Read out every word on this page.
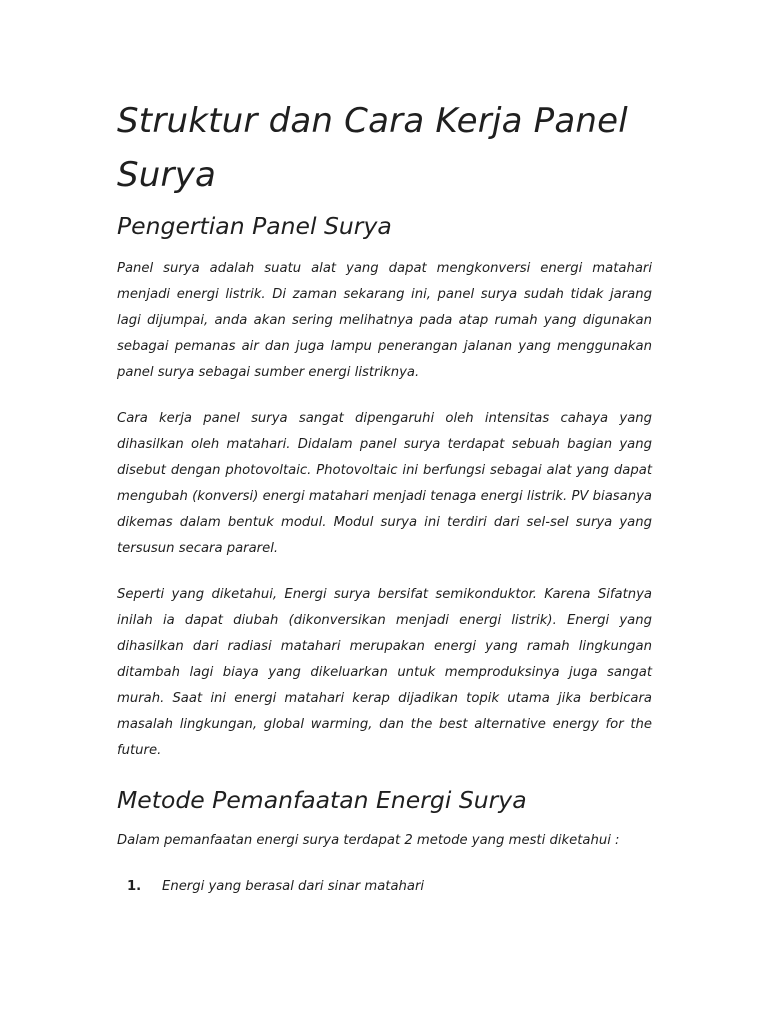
Struktur dan Cara Kerja Panel Surya
Pengertian Panel Surya

Panel surya adalah suatu alat yang dapat mengkonversi energi matahari menjadi energi listrik. Di zaman sekarang ini, panel surya sudah tidak jarang lagi dijumpai, anda akan sering melihatnya pada atap rumah yang digunakan sebagai pemanas air dan juga lampu penerangan jalanan yang menggunakan panel surya sebagai sumber energi listriknya.

Cara kerja panel surya sangat dipengaruhi oleh intensitas cahaya yang dihasilkan oleh matahari. Didalam panel surya terdapat sebuah bagian yang disebut dengan photovoltaic. Photovoltaic ini berfungsi sebagai alat yang dapat mengubah (konversi) energi matahari menjadi tenaga energi listrik. PV biasanya dikemas dalam bentuk modul. Modul surya ini terdiri dari sel-sel surya yang tersusun secara pararel.

Seperti yang diketahui, Energi surya bersifat semikonduktor. Karena Sifatnya inilah ia dapat diubah (dikonversikan menjadi energi listrik). Energi yang dihasilkan dari radiasi matahari merupakan energi yang ramah lingkungan ditambah lagi biaya yang dikeluarkan untuk memproduksinya juga sangat murah. Saat ini energi matahari kerap dijadikan topik utama jika berbicara masalah lingkungan, global warming, dan the best alternative energy for the future.

Metode Pemanfaatan Energi Surya

Dalam pemanfaatan energi surya terdapat 2 metode yang mesti diketahui :

1.	Energi yang berasal dari sinar matahari
